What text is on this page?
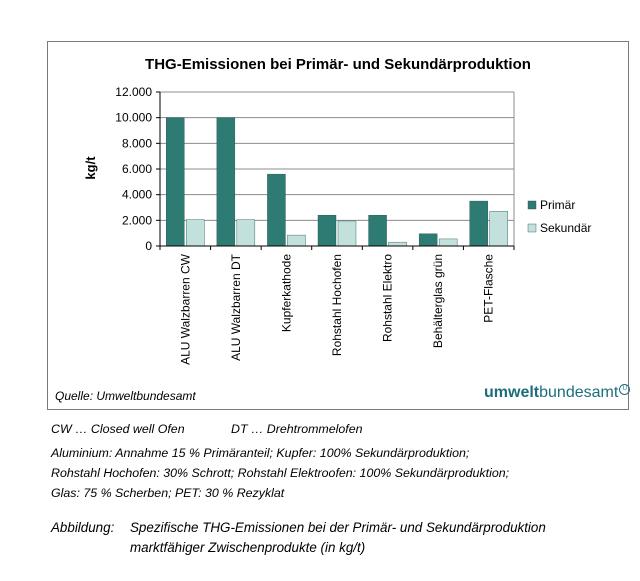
THG-Emissionen bei Primär- und Sekundärproduktion
kg/t
0
2.000
4.000
6.000
8.000
10.000
12.000
ALU Walzbarren CW	ALU Walzbarren DT	Kupferkathode	Rohstahl Hochofen	Rohstahl Elektro	Behälterglas grün	PET-Flasche
Primär
Sekundär
Quelle: Umweltbundesamt	umweltbundesamt U
CW … Closed well Ofen	DT … Drehtrommelofen
Aluminium: Annahme 15 % Primäranteil; Kupfer: 100% Sekundärproduktion;
Rohstahl Hochofen: 30% Schrott; Rohstahl Elektroofen: 100% Sekundärproduktion;
Glas: 75 % Scherben; PET: 30 % Rezyklat
Abbildung: Spezifische THG-Emissionen bei der Primär- und Sekundärproduktion
marktfähiger Zwischenprodukte (in kg/t)
